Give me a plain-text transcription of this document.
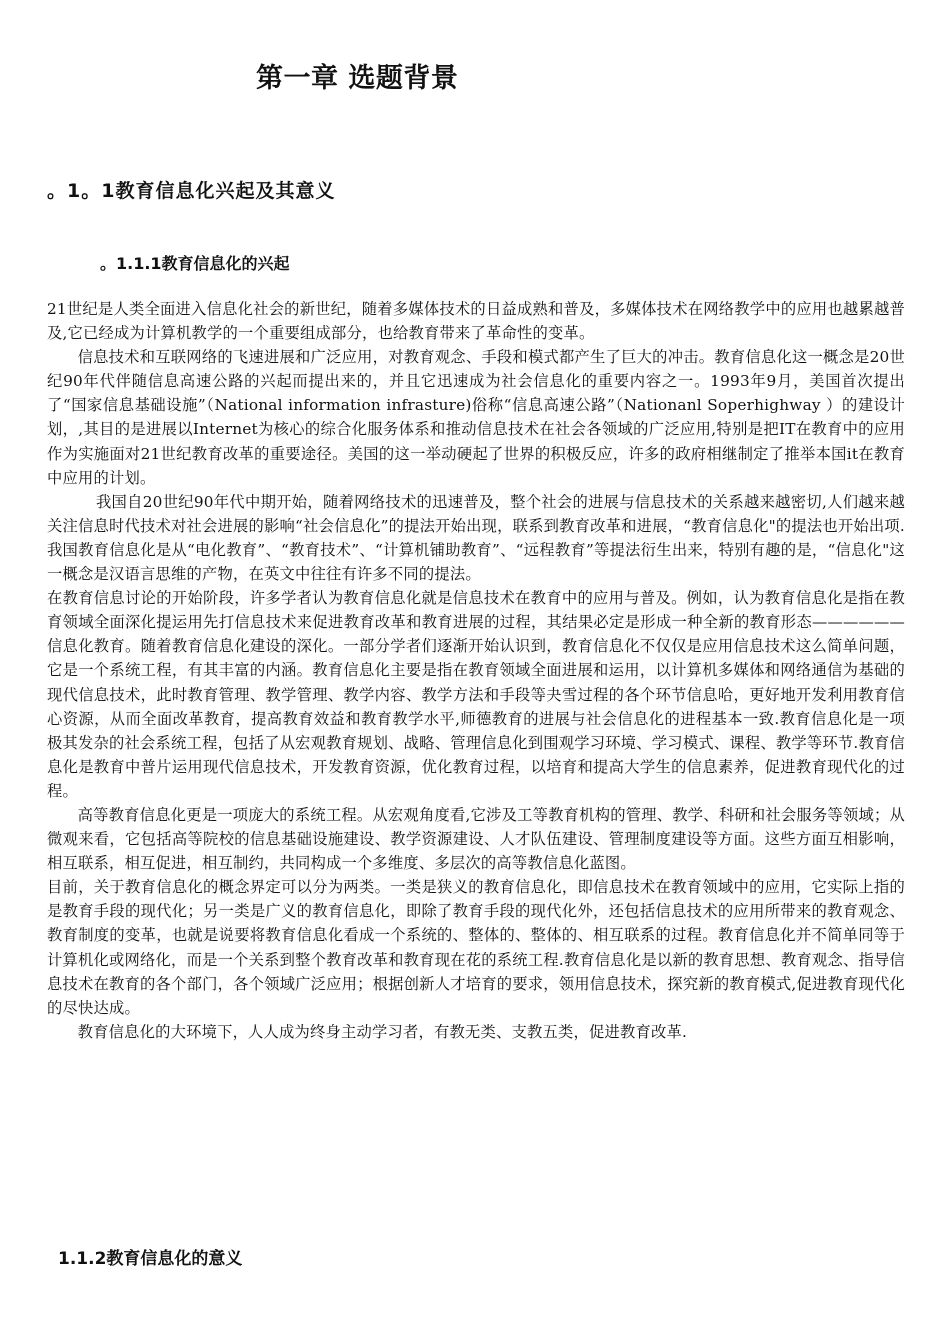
第一章 选题背景
。1。1教育信息化兴起及其意义
。1.1.1教育信息化的兴起

21世纪是人类全面进入信息化社会的新世纪，随着多媒体技术的日益成熟和普及，多媒体技术在网络教学中的应用也越累越普及,它已经成为计算机教学的一个重要组成部分，也给教育带来了革命性的变革。

信息技术和互联网络的飞速进展和广泛应用，对教育观念、手段和模式都产生了巨大的冲击。教育信息化这一概念是20世纪90年代伴随信息高速公路的兴起而提出来的，并且它迅速成为社会信息化的重要内容之一。1993年9月，美国首次提出了“国家信息基础设施”（National information infrasture)俗称“信息高速公路”（Nationanl Soperhighway ）的建设计划，,其目的是进展以Internet为核心的综合化服务体系和推动信息技术在社会各领域的广泛应用,特别是把IT在教育中的应用作为实施面对21世纪教育改革的重要途径。美国的这一举动硬起了世界的积极反应，许多的政府相继制定了推举本国it在教育中应用的计划。

我国自20世纪90年代中期开始，随着网络技术的迅速普及，整个社会的进展与信息技术的关系越来越密切,人们越来越关注信息时代技术对社会进展的影响“社会信息化”的提法开始出现，联系到教育改革和进展，“教育信息化"的提法也开始出项.我国教育信息化是从“电化教育”、“教育技术”、“计算机铺助教育”、“远程教育”等提法衍生出来，特别有趣的是，“信息化"这一概念是汉语言思维的产物，在英文中往往有许多不同的提法。

在教育信息讨论的开始阶段，许多学者认为教育信息化就是信息技术在教育中的应用与普及。例如，认为教育信息化是指在教育领域全面深化提运用先打信息技术来促进教育改革和教育进展的过程，其结果必定是形成一种全新的教育形态——————信息化教育。随着教育信息化建设的深化。一部分学者们逐渐开始认识到，教育信息化不仅仅是应用信息技术这么简单问题，它是一个系统工程，有其丰富的内涵。教育信息化主要是指在教育领域全面进展和运用，以计算机多媒体和网络通信为基础的现代信息技术，此时教育管理、教学管理、教学内容、教学方法和手段等夬雪过程的各个环节信息哈，更好地开发利用教育信心资源，从而全面改革教育，提高教育效益和教育教学水平,师德教育的进展与社会信息化的进程基本一致.教育信息化是一项极其发杂的社会系统工程，包括了从宏观教育规划、战略、管理信息化到围观学习环境、学习模式、课程、教学等环节.教育信息化是教育中普片运用现代信息技术，开发教育资源，优化教育过程，以培育和提高大学生的信息素养，促进教育现代化的过程。

高等教育信息化更是一项庞大的系统工程。从宏观角度看,它涉及工等教育机构的管理、教学、科研和社会服务等领域；从微观来看，它包括高等院校的信息基础设施建设、教学资源建设、人才队伍建设、管理制度建设等方面。这些方面互相影响，相互联系，相互促进，相互制约，共同构成一个多维度、多层次的高等教信息化蓝图。

目前，关于教育信息化的概念界定可以分为两类。一类是狭义的教育信息化，即信息技术在教育领域中的应用，它实际上指的是教育手段的现代化；另一类是广义的教育信息化，即除了教育手段的现代化外，还包括信息技术的应用所带来的教育观念、教育制度的变革，也就是说要将教育信息化看成一个系统的、整体的、整体的、相互联系的过程。教育信息化并不简单同等于计算机化或网络化，而是一个关系到整个教育改革和教育现在花的系统工程.教育信息化是以新的教育思想、教育观念、指导信息技术在教育的各个部门，各个领域广泛应用；根据创新人才培育的要求，领用信息技术，探究新的教育模式,促进教育现代化的尽快达成。

教育信息化的大环境下，人人成为终身主动学习者，有教无类、支教五类，促进教育改革.

1.1.2教育信息化的意义
